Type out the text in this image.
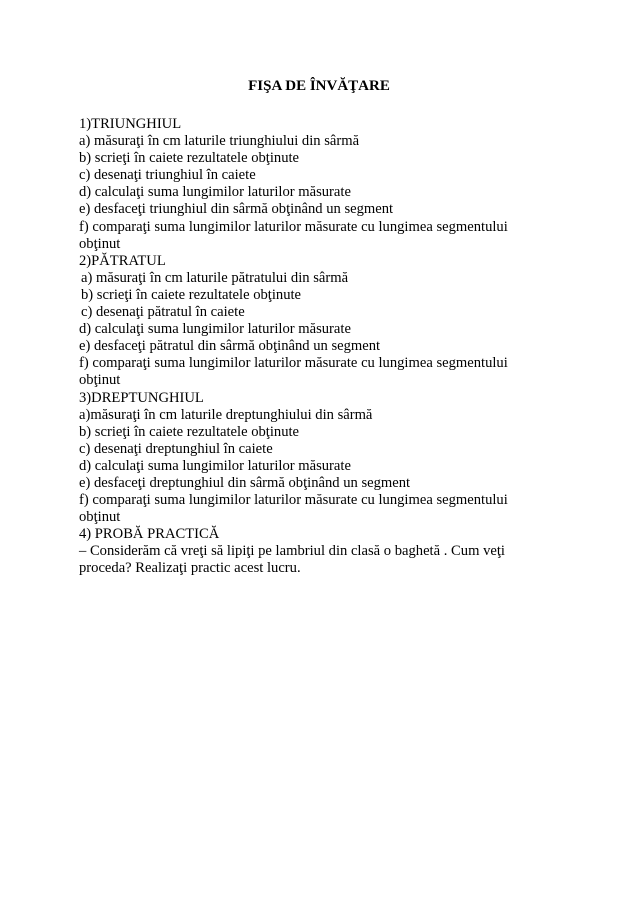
FIŞA DE ÎNVĂŢARE
1)TRIUNGHIUL
a) măsuraţi în cm laturile triunghiului din sârmă
b) scrieţi în caiete rezultatele obţinute
c) desenaţi triunghiul în caiete
d) calculaţi suma lungimilor laturilor măsurate
e) desfaceţi triunghiul din sârmă obţinând un segment
f) comparaţi suma lungimilor laturilor măsurate cu lungimea segmentului
obţinut
2)PĂTRATUL
a) măsuraţi în cm laturile pătratului din sârmă
b) scrieţi în caiete rezultatele obţinute
c) desenaţi pătratul în caiete
d) calculaţi suma lungimilor laturilor măsurate
e) desfaceţi pătratul din sârmă obţinând un segment
f) comparaţi suma lungimilor laturilor măsurate cu lungimea segmentului
obţinut
3)DREPTUNGHIUL
a)măsuraţi în cm laturile dreptunghiului din sârmă
b) scrieţi în caiete rezultatele obţinute
c) desenaţi dreptunghiul în caiete
d) calculaţi suma lungimilor laturilor măsurate
e) desfaceţi dreptunghiul din sârmă obţinând un segment
f) comparaţi suma lungimilor laturilor măsurate cu lungimea segmentului
obţinut
4) PROBĂ PRACTICĂ
– Considerăm că vreţi să lipiţi pe lambriul din clasă o baghetă . Cum veţi
proceda? Realizaţi practic acest lucru.
